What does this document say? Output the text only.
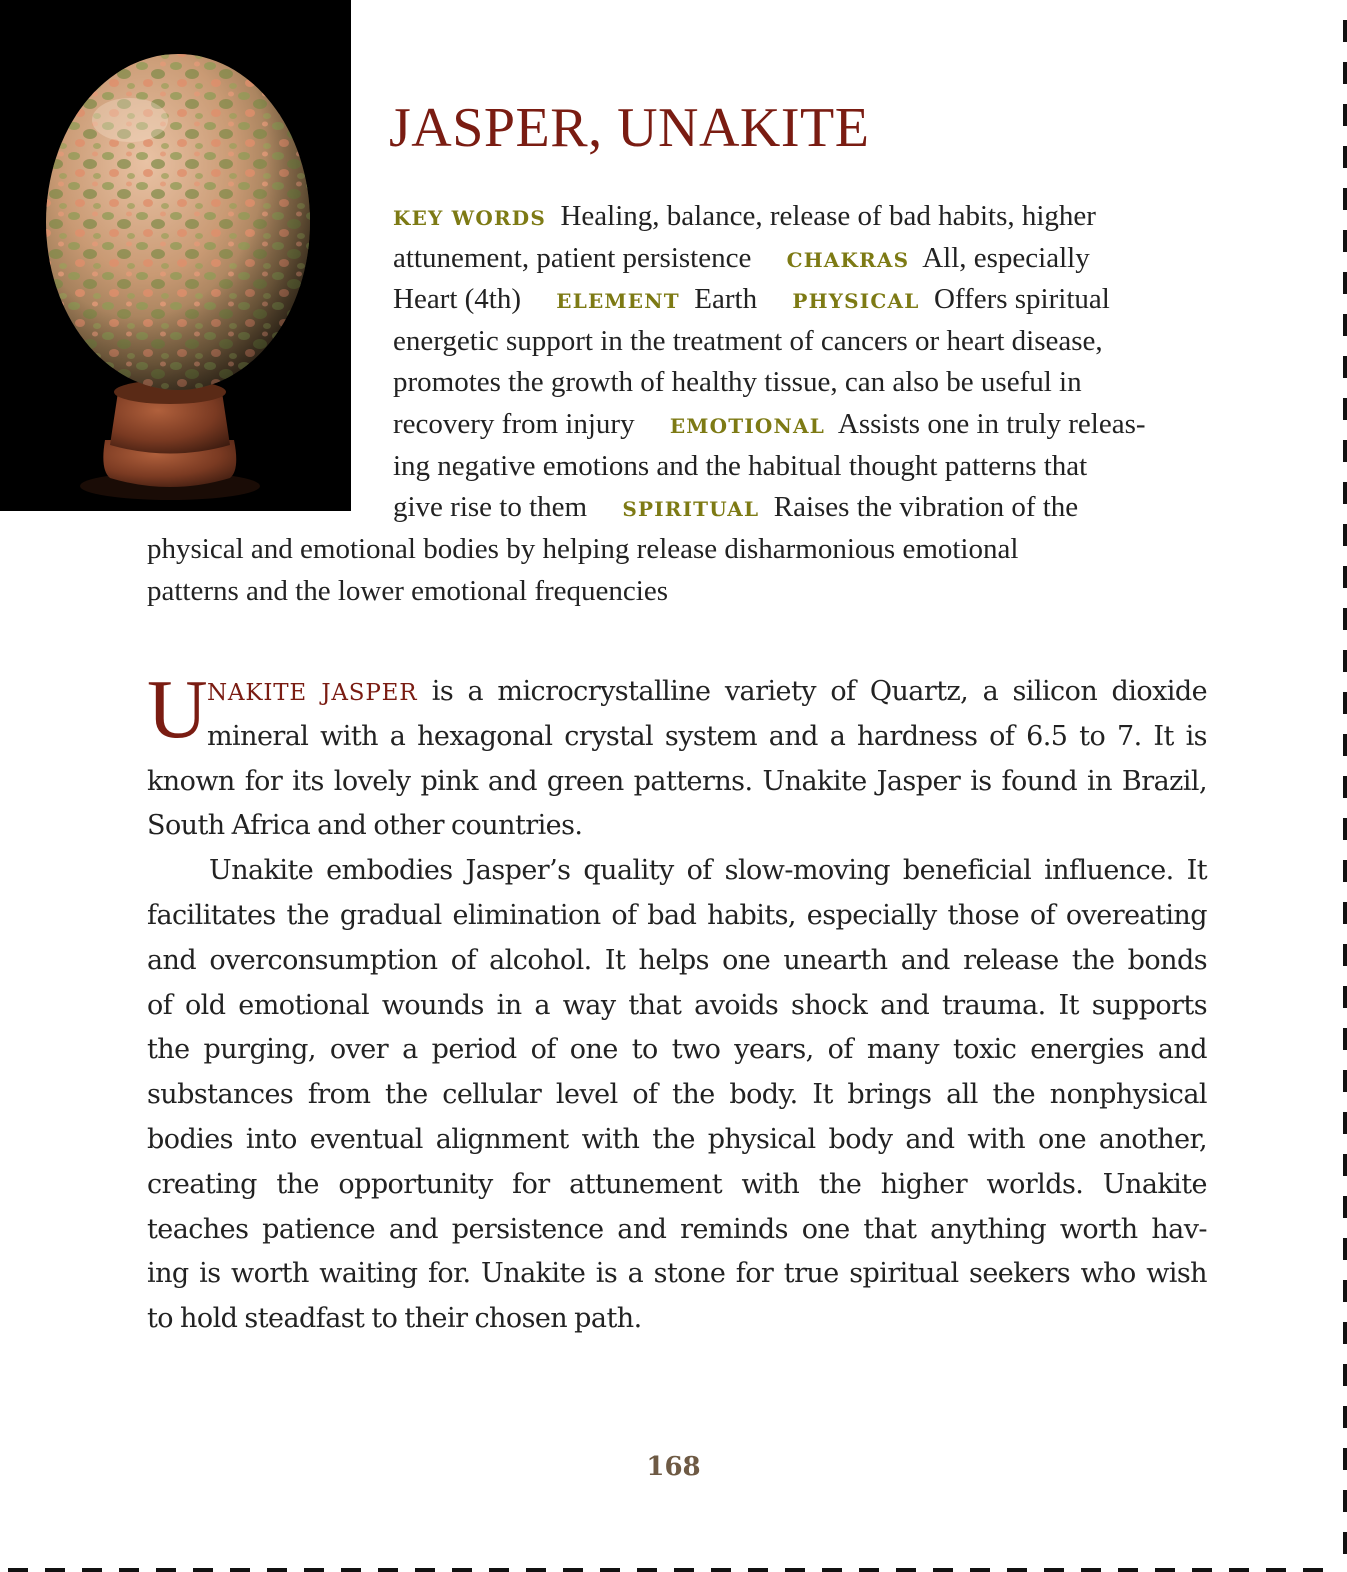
JASPER, UNAKITE
KEY WORDS Healing, balance, release of bad habits, higher
attunement, patient persistence CHAKRAS All, especially
Heart (4th) ELEMENT Earth PHYSICAL Offers spiritual
energetic support in the treatment of cancers or heart disease,
promotes the growth of healthy tissue, can also be useful in
recovery from injury EMOTIONAL Assists one in truly releas-
ing negative emotions and the habitual thought patterns that
give rise to them SPIRITUAL Raises the vibration of the
physical and emotional bodies by helping release disharmonious emotional
patterns and the lower emotional frequencies
U NAKITE JASPER is a microcrystalline variety of Quartz, a silicon dioxide
mineral with a hexagonal crystal system and a hardness of 6.5 to 7. It is
known for its lovely pink and green patterns. Unakite Jasper is found in Brazil,
South Africa and other countries.
Unakite embodies Jasper’s quality of slow-moving beneficial influence. It
facilitates the gradual elimination of bad habits, especially those of overeating
and overconsumption of alcohol. It helps one unearth and release the bonds
of old emotional wounds in a way that avoids shock and trauma. It supports
the purging, over a period of one to two years, of many toxic energies and
substances from the cellular level of the body. It brings all the nonphysical
bodies into eventual alignment with the physical body and with one another,
creating the opportunity for attunement with the higher worlds. Unakite
teaches patience and persistence and reminds one that anything worth hav-
ing is worth waiting for. Unakite is a stone for true spiritual seekers who wish
to hold steadfast to their chosen path.
168
